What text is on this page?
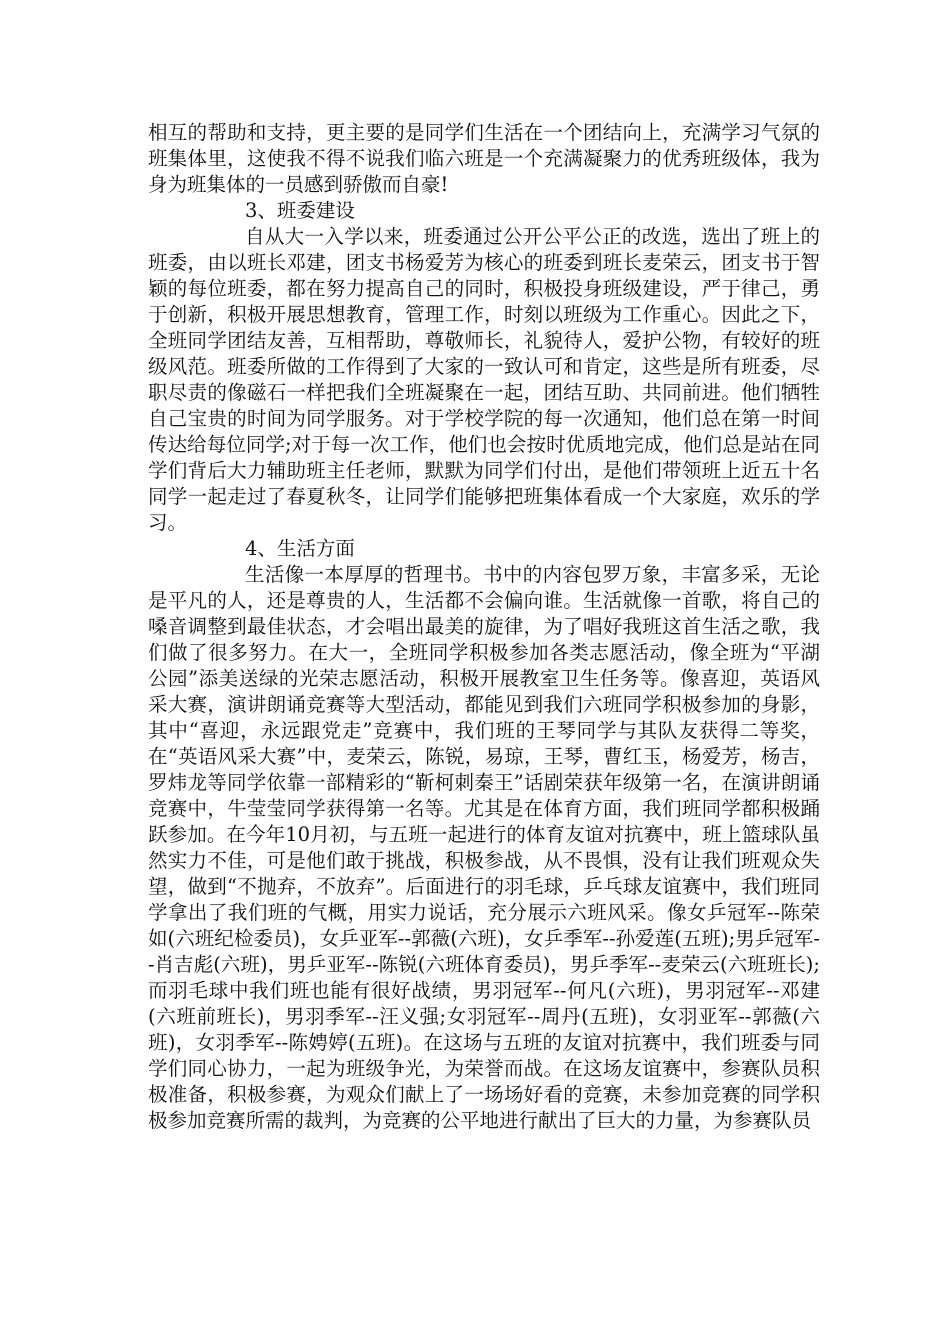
相互的帮助和支持，更主要的是同学们生活在一个团结向上，充满学习气氛的班集体里，这使我不得不说我们临六班是一个充满凝聚力的优秀班级体，我为身为班集体的一员感到骄傲而自豪!

3、班委建设

自从大一入学以来，班委通过公开公平公正的改选，选出了班上的班委，由以班长邓建，团支书杨爱芳为核心的班委到班长麦荣云，团支书于智颖的每位班委，都在努力提高自己的同时，积极投身班级建设，严于律己，勇于创新，积极开展思想教育，管理工作，时刻以班级为工作重心。因此之下，全班同学团结友善，互相帮助，尊敬师长，礼貌待人，爱护公物，有较好的班级风范。班委所做的工作得到了大家的一致认可和肯定，这些是所有班委，尽职尽责的像磁石一样把我们全班凝聚在一起，团结互助、共同前进。他们牺牲自己宝贵的时间为同学服务。对于学校学院的每一次通知，他们总在第一时间传达给每位同学;对于每一次工作，他们也会按时优质地完成，他们总是站在同学们背后大力辅助班主任老师，默默为同学们付出，是他们带领班上近五十名同学一起走过了春夏秋冬，让同学们能够把班集体看成一个大家庭，欢乐的学习。

4、生活方面

生活像一本厚厚的哲理书。书中的内容包罗万象，丰富多采，无论是平凡的人，还是尊贵的人，生活都不会偏向谁。生活就像一首歌，将自己的嗓音调整到最佳状态，才会唱出最美的旋律，为了唱好我班这首生活之歌，我们做了很多努力。在大一，全班同学积极参加各类志愿活动，像全班为“平湖公园”添美送绿的光荣志愿活动，积极开展教室卫生任务等。像喜迎，英语风采大赛，演讲朗诵竞赛等大型活动，都能见到我们六班同学积极参加的身影，其中“喜迎，永远跟党走”竞赛中，我们班的王琴同学与其队友获得二等奖，在“英语风采大赛”中，麦荣云，陈锐，易琼，王琴，曹红玉，杨爱芳，杨吉，罗炜龙等同学依靠一部精彩的“靳柯刺秦王”话剧荣获年级第一名，在演讲朗诵竞赛中，牛莹莹同学获得第一名等。尤其是在体育方面，我们班同学都积极踊跃参加。在今年10月初，与五班一起进行的体育友谊对抗赛中，班上篮球队虽然实力不佳，可是他们敢于挑战，积极参战，从不畏惧，没有让我们班观众失望，做到“不抛弃，不放弃”。后面进行的羽毛球，乒乓球友谊赛中，我们班同学拿出了我们班的气概，用实力说话，充分展示六班风采。像女乒冠军--陈荣如(六班纪检委员)，女乒亚军--郭薇(六班)，女乒季军--孙爱莲(五班);男乒冠军--肖吉彪(六班)，男乒亚军--陈锐(六班体育委员)，男乒季军--麦荣云(六班班长);而羽毛球中我们班也能有很好战绩，男羽冠军--何凡(六班)，男羽冠军--邓建(六班前班长)，男羽季军--汪义强;女羽冠军--周丹(五班)，女羽亚军--郭薇(六班)，女羽季军--陈娉婷(五班)。在这场与五班的友谊对抗赛中，我们班委与同学们同心协力，一起为班级争光，为荣誉而战。在这场友谊赛中，参赛队员积极准备，积极参赛，为观众们献上了一场场好看的竞赛，未参加竞赛的同学积极参加竞赛所需的裁判，为竞赛的公平地进行献出了巨大的力量，为参赛队员
